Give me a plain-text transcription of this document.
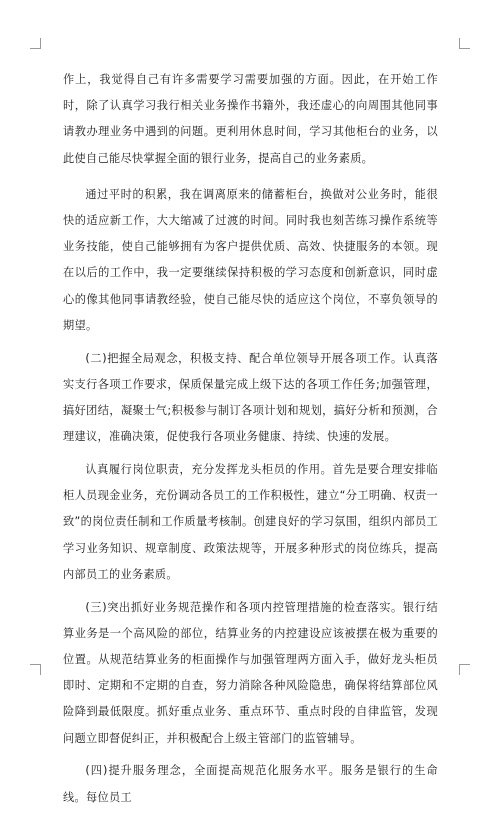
作上，我觉得自己有许多需要学习需要加强的方面。因此，在开始工作时，除了认真学习我行相关业务操作书籍外，我还虚心的向周围其他同事请教办理业务中遇到的问题。更利用休息时间，学习其他柜台的业务，以此使自己能尽快掌握全面的银行业务，提高自己的业务素质。

通过平时的积累，我在调离原来的储蓄柜台，换做对公业务时，能很快的适应新工作，大大缩减了过渡的时间。同时我也刻苦练习操作系统等业务技能，使自己能够拥有为客户提供优质、高效、快捷服务的本领。现在以后的工作中，我一定要继续保持积极的学习态度和创新意识，同时虚心的像其他同事请教经验，使自己能尽快的适应这个岗位，不辜负领导的期望。

(二)把握全局观念，积极支持、配合单位领导开展各项工作。认真落实支行各项工作要求，保质保量完成上级下达的各项工作任务;加强管理，搞好团结，凝聚士气;积极参与制订各项计划和规划，搞好分析和预测，合理建议，准确决策，促使我行各项业务健康、持续、快速的发展。

认真履行岗位职责，充分发挥龙头柜员的作用。首先是要合理安排临柜人员现金业务，充份调动各员工的工作积极性，建立“分工明确、权责一致”的岗位责任制和工作质量考核制。创建良好的学习氛围，组织内部员工学习业务知识、规章制度、政策法规等，开展多种形式的岗位练兵，提高内部员工的业务素质。

(三)突出抓好业务规范操作和各项内控管理措施的检查落实。银行结算业务是一个高风险的部位，结算业务的内控建设应该被摆在极为重要的位置。从规范结算业务的柜面操作与加强管理两方面入手，做好龙头柜员即时、定期和不定期的自查，努力消除各种风险隐患，确保将结算部位风险降到最低限度。抓好重点业务、重点环节、重点时段的自律监管，发现问题立即督促纠正，并积极配合上级主管部门的监管辅导。

(四)提升服务理念，全面提高规范化服务水平。服务是银行的生命线。每位员工
